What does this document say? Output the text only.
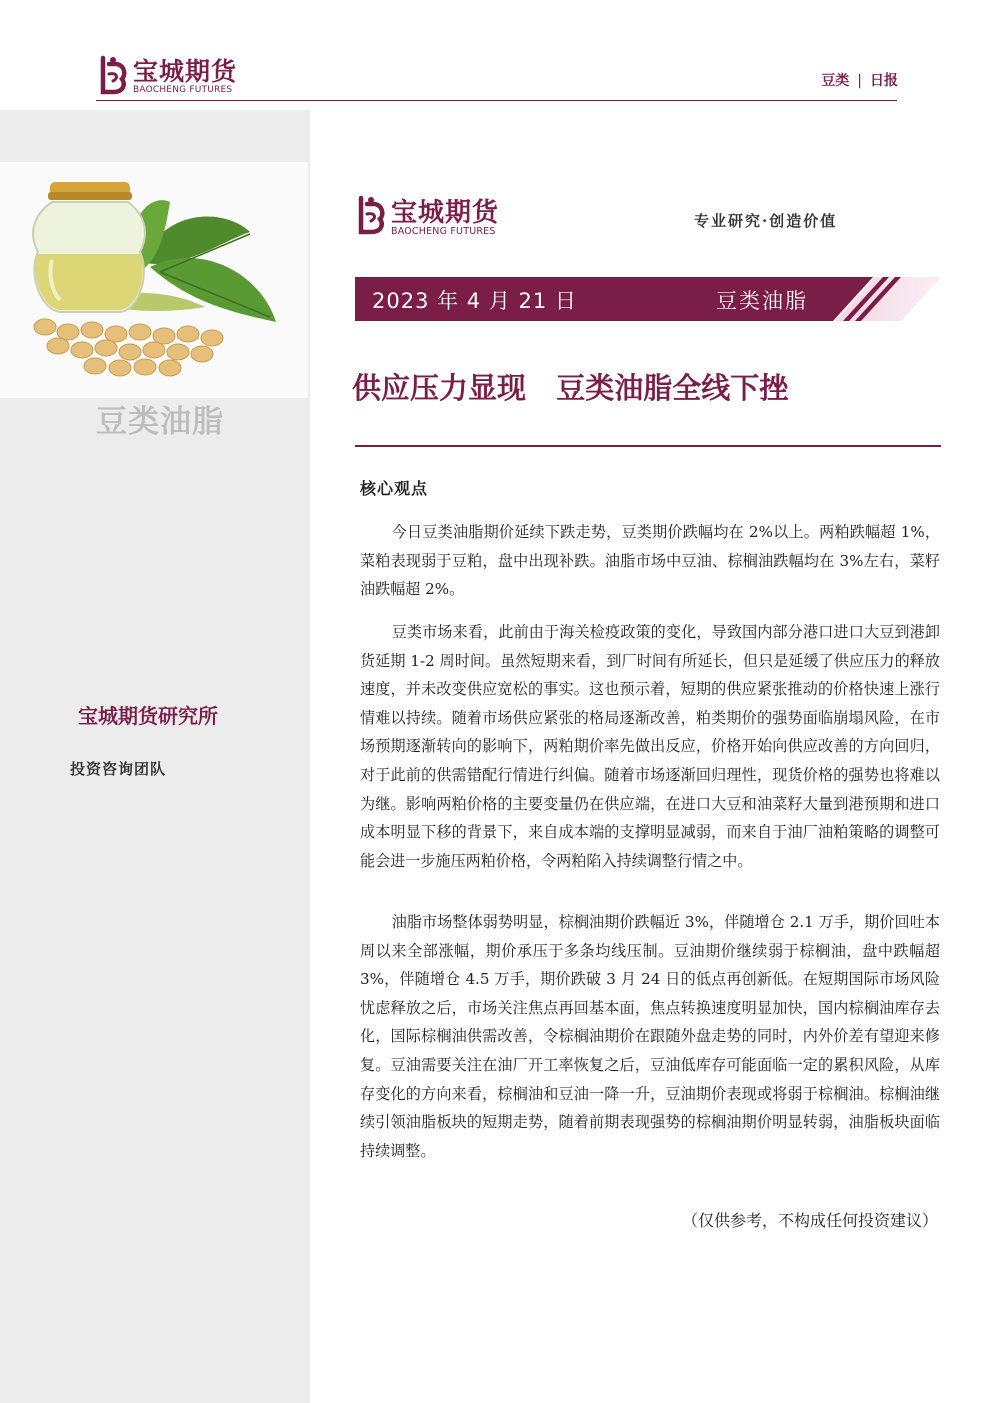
宝城期货
BAOCHENG FUTURES
豆类 | 日报
豆类油脂
宝城期货研究所
投资咨询团队
宝城期货
BAOCHENG FUTURES
专业研究·创造价值
2023 年 4 月 21 日	豆类油脂
供应压力显现   豆类油脂全线下挫
核心观点

今日豆类油脂期价延续下跌走势，豆类期价跌幅均在 2%以上。两粕跌幅超 1%，菜粕表现弱于豆粕，盘中出现补跌。油脂市场中豆油、棕榈油跌幅均在 3%左右，菜籽油跌幅超 2%。

豆类市场来看，此前由于海关检疫政策的变化，导致国内部分港口进口大豆到港卸货延期 1-2 周时间。虽然短期来看，到厂时间有所延长，但只是延缓了供应压力的释放速度，并未改变供应宽松的事实。这也预示着，短期的供应紧张推动的价格快速上涨行情难以持续。随着市场供应紧张的格局逐渐改善，粕类期价的强势面临崩塌风险，在市场预期逐渐转向的影响下，两粕期价率先做出反应，价格开始向供应改善的方向回归，对于此前的供需错配行情进行纠偏。随着市场逐渐回归理性，现货价格的强势也将难以为继。影响两粕价格的主要变量仍在供应端，在进口大豆和油菜籽大量到港预期和进口成本明显下移的背景下，来自成本端的支撑明显减弱，而来自于油厂油粕策略的调整可能会进一步施压两粕价格，令两粕陷入持续调整行情之中。

油脂市场整体弱势明显，棕榈油期价跌幅近 3%，伴随增仓 2.1 万手，期价回吐本周以来全部涨幅，期价承压于多条均线压制。豆油期价继续弱于棕榈油，盘中跌幅超 3%，伴随增仓 4.5 万手，期价跌破 3 月 24 日的低点再创新低。在短期国际市场风险忧虑释放之后，市场关注焦点再回基本面，焦点转换速度明显加快，国内棕榈油库存去化，国际棕榈油供需改善，令棕榈油期价在跟随外盘走势的同时，内外价差有望迎来修复。豆油需要关注在油厂开工率恢复之后，豆油低库存可能面临一定的累积风险，从库存变化的方向来看，棕榈油和豆油一降一升，豆油期价表现或将弱于棕榈油。棕榈油继续引领油脂板块的短期走势，随着前期表现强势的棕榈油期价明显转弱，油脂板块面临持续调整。

（仅供参考，不构成任何投资建议）
